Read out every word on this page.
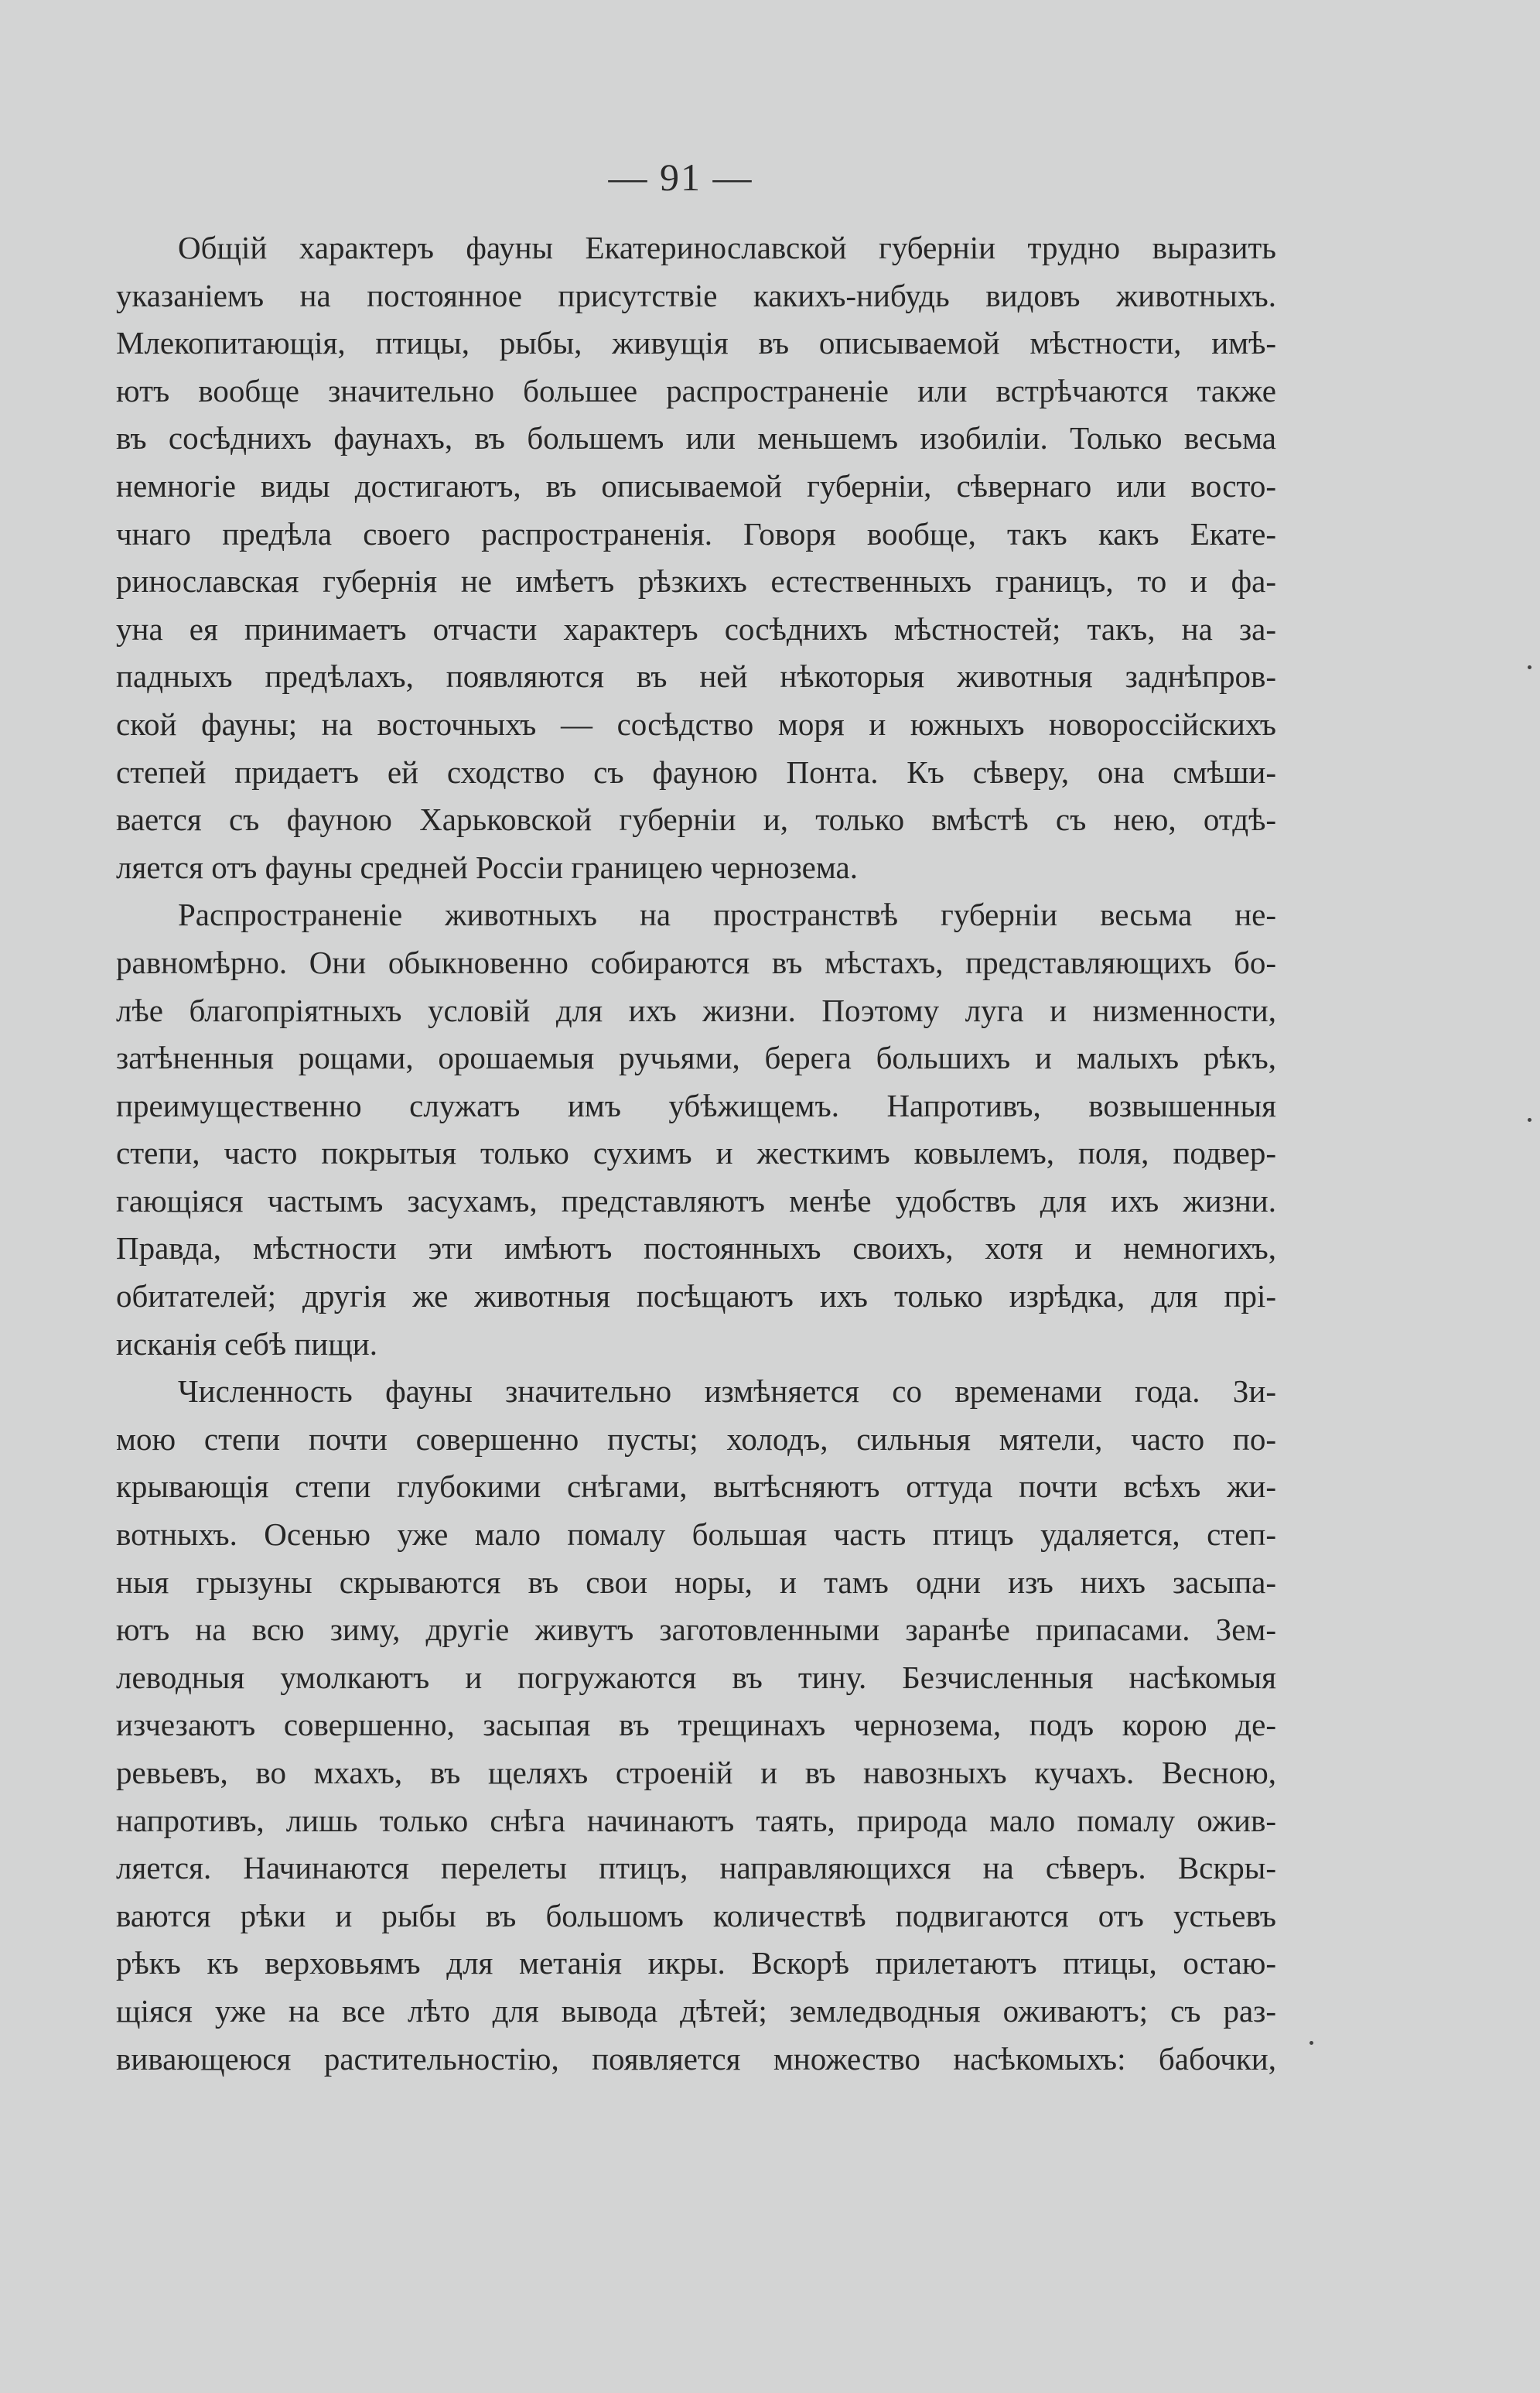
— 91 —
Общій характеръ фауны Екатеринославской губерніи трудно выразить
указаніемъ на постоянное присутствіе какихъ-нибудь видовъ животныхъ.
Млекопитающія, птицы, рыбы, живущія въ описываемой мѣстности, имѣ-
ютъ вообще значительно большее распространеніе или встрѣчаются также
въ сосѣднихъ фаунахъ, въ большемъ или меньшемъ изобиліи. Только весьма
немногіе виды достигаютъ, въ описываемой губерніи, сѣвернаго или восто-
чнаго предѣла своего распространенія. Говоря вообще, такъ какъ Екате-
ринославская губернія не имѣетъ рѣзкихъ естественныхъ границъ, то и фа-
уна ея принимаетъ отчасти характеръ сосѣднихъ мѣстностей; такъ, на за-
падныхъ предѣлахъ, появляются въ ней нѣкоторыя животныя заднѣпров-
ской фауны; на восточныхъ — сосѣдство моря и южныхъ новороссійскихъ
степей придаетъ ей сходство съ фауною Понта. Къ сѣверу, она смѣши-
вается съ фауною Харьковской губерніи и, только вмѣстѣ съ нею, отдѣ-
ляется отъ фауны средней Россіи границею чернозема.
Распространеніе животныхъ на пространствѣ губерніи весьма не-
равномѣрно. Они обыкновенно собираются въ мѣстахъ, представляющихъ бо-
лѣе благопріятныхъ условій для ихъ жизни. Поэтому луга и низменности,
затѣненныя рощами, орошаемыя ручьями, берега большихъ и малыхъ рѣкъ,
преимущественно служатъ имъ убѣжищемъ. Напротивъ, возвышенныя
степи, часто покрытыя только сухимъ и жесткимъ ковылемъ, поля, подвер-
гающіяся частымъ засухамъ, представляютъ менѣе удобствъ для ихъ жизни.
Правда, мѣстности эти имѣютъ постоянныхъ своихъ, хотя и немногихъ,
обитателей; другія же животныя посѣщаютъ ихъ только изрѣдка, для прі-
исканія себѣ пищи.
Численность фауны значительно измѣняется со временами года. Зи-
мою степи почти совершенно пусты; холодъ, сильныя мятели, часто по-
крывающія степи глубокими снѣгами, вытѣсняютъ оттуда почти всѣхъ жи-
вотныхъ. Осенью уже мало помалу большая часть птицъ удаляется, степ-
ныя грызуны скрываются въ свои норы, и тамъ одни изъ нихъ засыпа-
ютъ на всю зиму, другіе живутъ заготовленными заранѣе припасами. Зем-
леводныя умолкаютъ и погружаются въ тину. Безчисленныя насѣкомыя
изчезаютъ совершенно, засыпая въ трещинахъ чернозема, подъ корою де-
ревьевъ, во мхахъ, въ щеляхъ строеній и въ навозныхъ кучахъ. Весною,
напротивъ, лишь только снѣга начинаютъ таять, природа мало помалу ожив-
ляется. Начинаются перелеты птицъ, направляющихся на сѣверъ. Вскры-
ваются рѣки и рыбы въ большомъ количествѣ подвигаются отъ устьевъ
рѣкъ къ верховьямъ для метанія икры. Вскорѣ прилетаютъ птицы, остаю-
щіяся уже на все лѣто для вывода дѣтей; земледводныя оживаютъ; съ раз-
вивающеюся растительностію, появляется множество насѣкомыхъ: бабочки,
